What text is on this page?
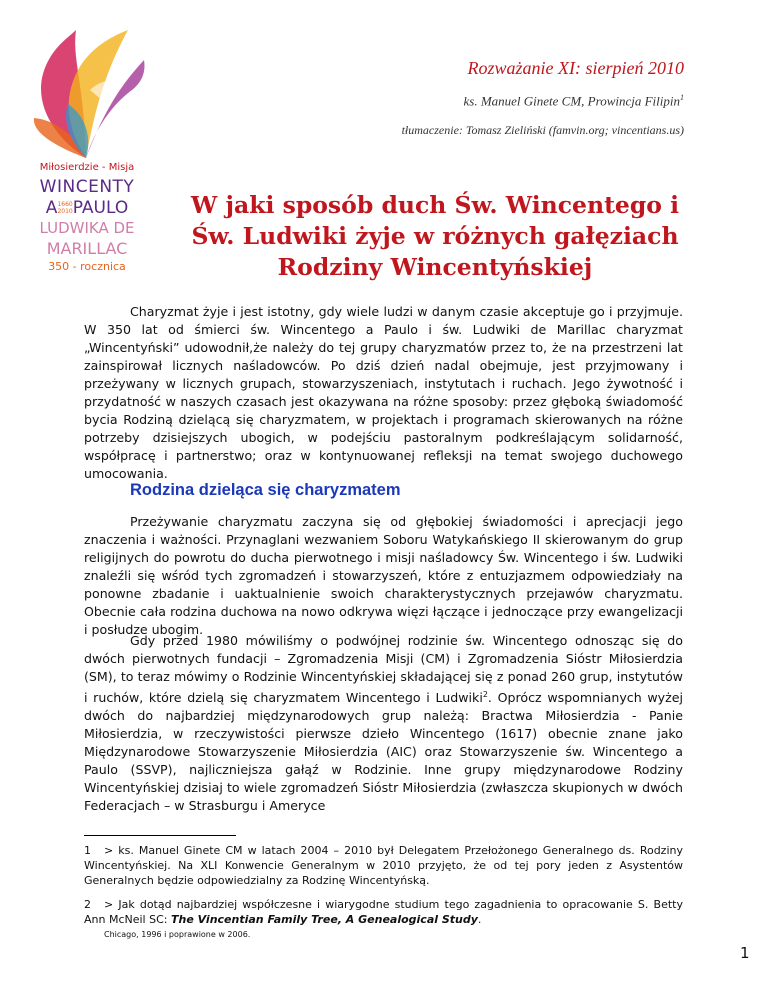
Miłosierdzie - Misja
WINCENTY
A1660
2010PAULO
LUDWIKA DE
MARILLAC
350 - rocznica
Rozważanie XI: sierpień 2010
ks. Manuel Ginete CM, Prowincja Filipin$^1$
tłumaczenie: Tomasz Zieliński (famvin.org; vincentians.us)
W jaki sposób duch Św. Wincentego i Św. Ludwiki żyje w różnych gałęziach Rodziny Wincentyńskiej
Charyzmat żyje i jest istotny, gdy wiele ludzi w danym czasie akceptuje go i przyjmuje. W 350 lat od śmierci św. Wincentego a Paulo i św. Ludwiki de Marillac charyzmat „Wincentyński” udowodnił,że należy do tej grupy charyzmatów przez to, że na przestrzeni lat zainspirował licznych naśladowców. Po dziś dzień nadal obejmuje, jest przyjmowany i przeżywany w licznych grupach, stowarzyszeniach, instytutach i ruchach. Jego żywotność i przydatność w naszych czasach jest okazywana na różne sposoby: przez głęboką świadomość bycia Rodziną dzielącą się charyzmatem, w projektach i programach skierowanych na różne potrzeby dzisiejszych ubogich, w podejściu pastoralnym podkreślającym solidarność, współpracę i partnerstwo; oraz w kontynuowanej refleksji na temat swojego duchowego umocowania.
Rodzina dzieląca się charyzmatem
Przeżywanie charyzmatu zaczyna się od głębokiej świadomości i aprecjacji jego znaczenia i ważności. Przynaglani wezwaniem Soboru Watykańskiego II skierowanym do grup religijnych do powrotu do ducha pierwotnego i misji naśladowcy Św. Wincentego i św. Ludwiki znaleźli się wśród tych zgromadzeń i stowarzyszeń, które z entuzjazmem odpowiedziały na ponowne zbadanie i uaktualnienie swoich charakterystycznych przejawów charyzmatu. Obecnie cała rodzina duchowa na nowo odkrywa więzi łączące i jednoczące przy ewangelizacji i posłudze ubogim.
Gdy przed 1980 mówiliśmy o podwójnej rodzinie św. Wincentego odnosząc się do dwóch pierwotnych fundacji – Zgromadzenia Misji (CM) i Zgromadzenia Sióstr Miłosierdzia (SM), to teraz mówimy o Rodzinie Wincentyńskiej składającej się z ponad 260 grup, instytutów i ruchów, które dzielą się charyzmatem Wincentego i Ludwiki$^2$. Oprócz wspomnianych wyżej dwóch do najbardziej międzynarodowych grup należą: Bractwa Miłosierdzia - Panie Miłosierdzia, w rzeczywistości pierwsze dzieło Wincentego (1617) obecnie znane jako Międzynarodowe Stowarzyszenie Miłosierdzia (AIC) oraz Stowarzyszenie św. Wincentego a Paulo (SSVP), najliczniejsza gałąź w Rodzinie. Inne grupy międzynarodowe Rodziny Wincentyńskiej dzisiaj to wiele zgromadzeń Sióstr Miłosierdzia (zwłaszcza skupionych w dwóch Federacjach – w Strasburgu i Ameryce
1 > ks. Manuel Ginete CM w latach 2004 – 2010 był Delegatem Przełożonego Generalnego ds. Rodziny Wincentyńskiej. Na XLI Konwencie Generalnym w 2010 przyjęto, że od tej pory jeden z Asystentów Generalnych będzie odpowiedzialny za Rodzinę Wincentyńską.
2 > Jak dotąd najbardziej współczesne i wiarygodne studium tego zagadnienia to opracowanie S. Betty Ann McNeil SC: The Vincentian Family Tree, A Genealogical Study.
Chicago, 1996 i poprawione w 2006.
1
